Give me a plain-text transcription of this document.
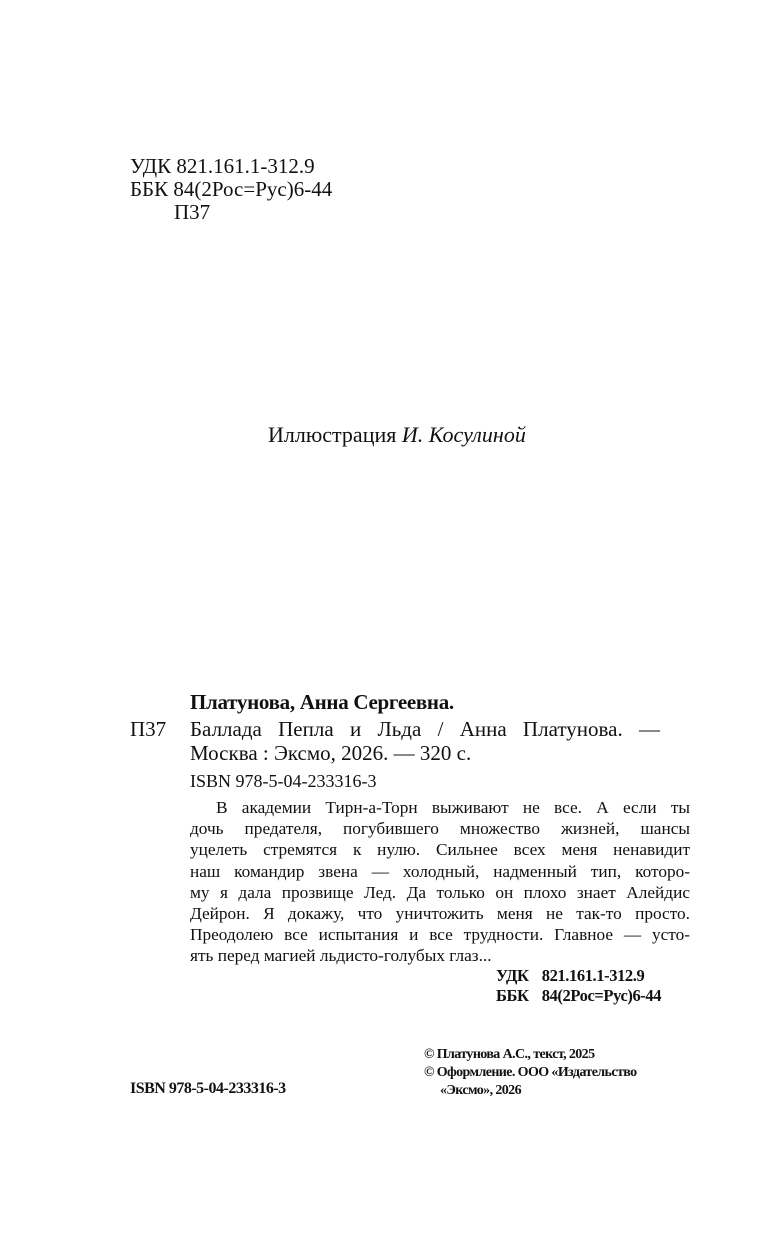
УДК 821.161.1-312.9
ББК 84(2Рос=Рус)6-44
П37
Иллюстрация И. Косулиной
Платунова, Анна Сергеевна.
П37 Баллада Пепла и Льда / Анна Платунова. —
Москва : Эксмо, 2026. — 320 с.
ISBN 978-5-04-233316-3
В академии Тирн-а-Торн выживают не все. А если ты
дочь предателя, погубившего множество жизней, шансы
уцелеть стремятся к нулю. Сильнее всех меня ненавидит
наш командир звена — холодный, надменный тип, которо-
му я дала прозвище Лед. Да только он плохо знает Алейдис
Дейрон. Я докажу, что уничтожить меня не так-то просто.
Преодолею все испытания и все трудности. Главное — усто-
ять перед магией льдисто-голубых глаз...
УДК 821.161.1-312.9
ББК 84(2Рос=Рус)6-44
© Платунова А.С., текст, 2025
© Оформление. ООО «Издательство
«Эксмо», 2026
ISBN 978-5-04-233316-3
